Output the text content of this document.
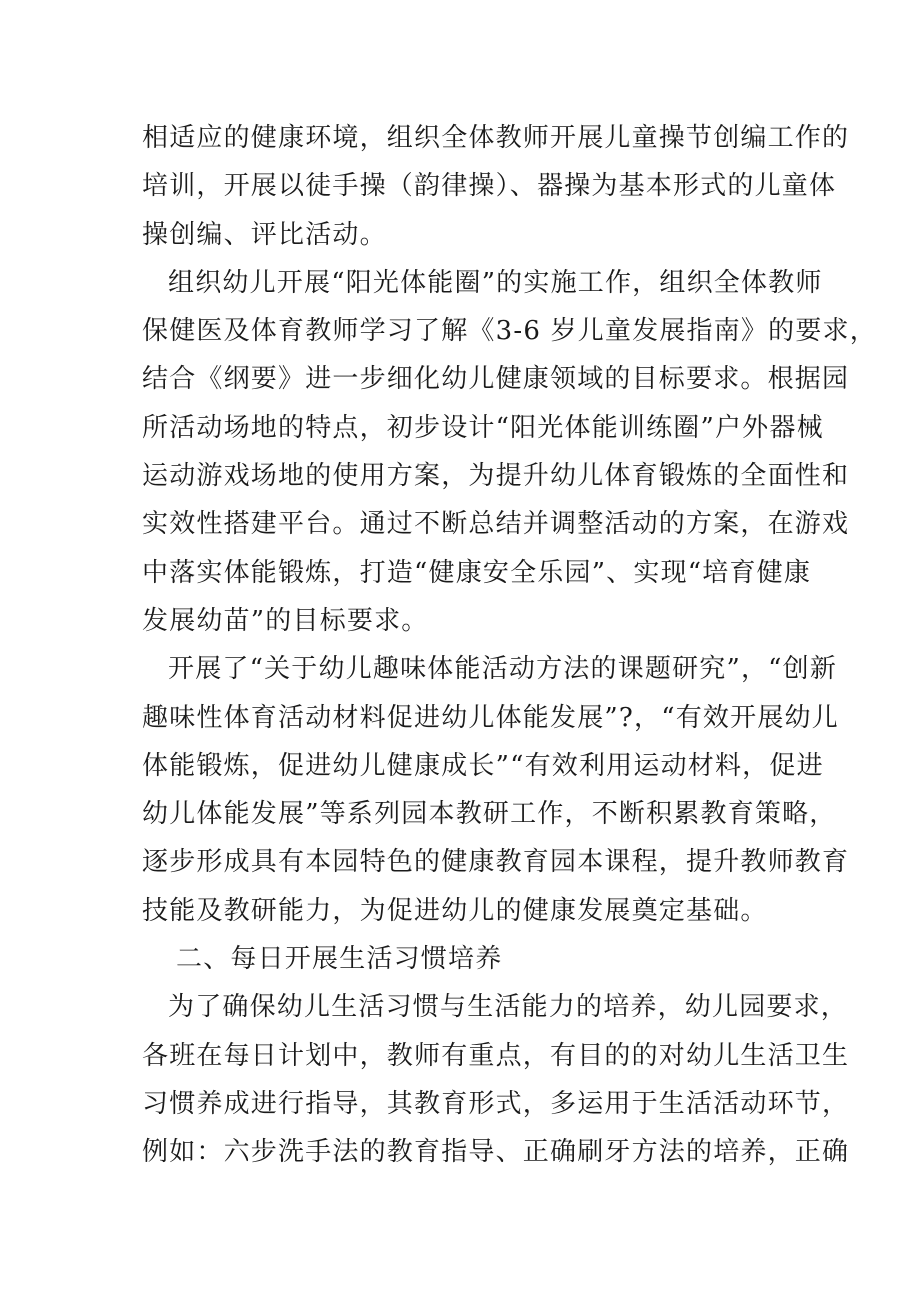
相适应的健康环境，组织全体教师开展儿童操节创编工作的
培训，开展以徒手操（韵律操）、器操为基本形式的儿童体
操创编、评比活动。
组织幼儿开展“阳光体能圈”的实施工作，组织全体教师
保健医及体育教师学习了解《3-6 岁儿童发展指南》的要求，
结合《纲要》进一步细化幼儿健康领域的目标要求。根据园
所活动场地的特点，初步设计“阳光体能训练圈”户外器械
运动游戏场地的使用方案，为提升幼儿体育锻炼的全面性和
实效性搭建平台。通过不断总结并调整活动的方案，在游戏
中落实体能锻炼，打造“健康安全乐园”、实现“培育健康
发展幼苗”的目标要求。
开展了“关于幼儿趣味体能活动方法的课题研究”，“创新
趣味性体育活动材料促进幼儿体能发展”?，“有效开展幼儿
体能锻炼，促进幼儿健康成长”“有效利用运动材料，促进
幼儿体能发展”等系列园本教研工作，不断积累教育策略，
逐步形成具有本园特色的健康教育园本课程，提升教师教育
技能及教研能力，为促进幼儿的健康发展奠定基础。
二、每日开展生活习惯培养
为了确保幼儿生活习惯与生活能力的培养，幼儿园要求，
各班在每日计划中，教师有重点，有目的的对幼儿生活卫生
习惯养成进行指导，其教育形式，多运用于生活活动环节，
例如：六步洗手法的教育指导、正确刷牙方法的培养，正确
